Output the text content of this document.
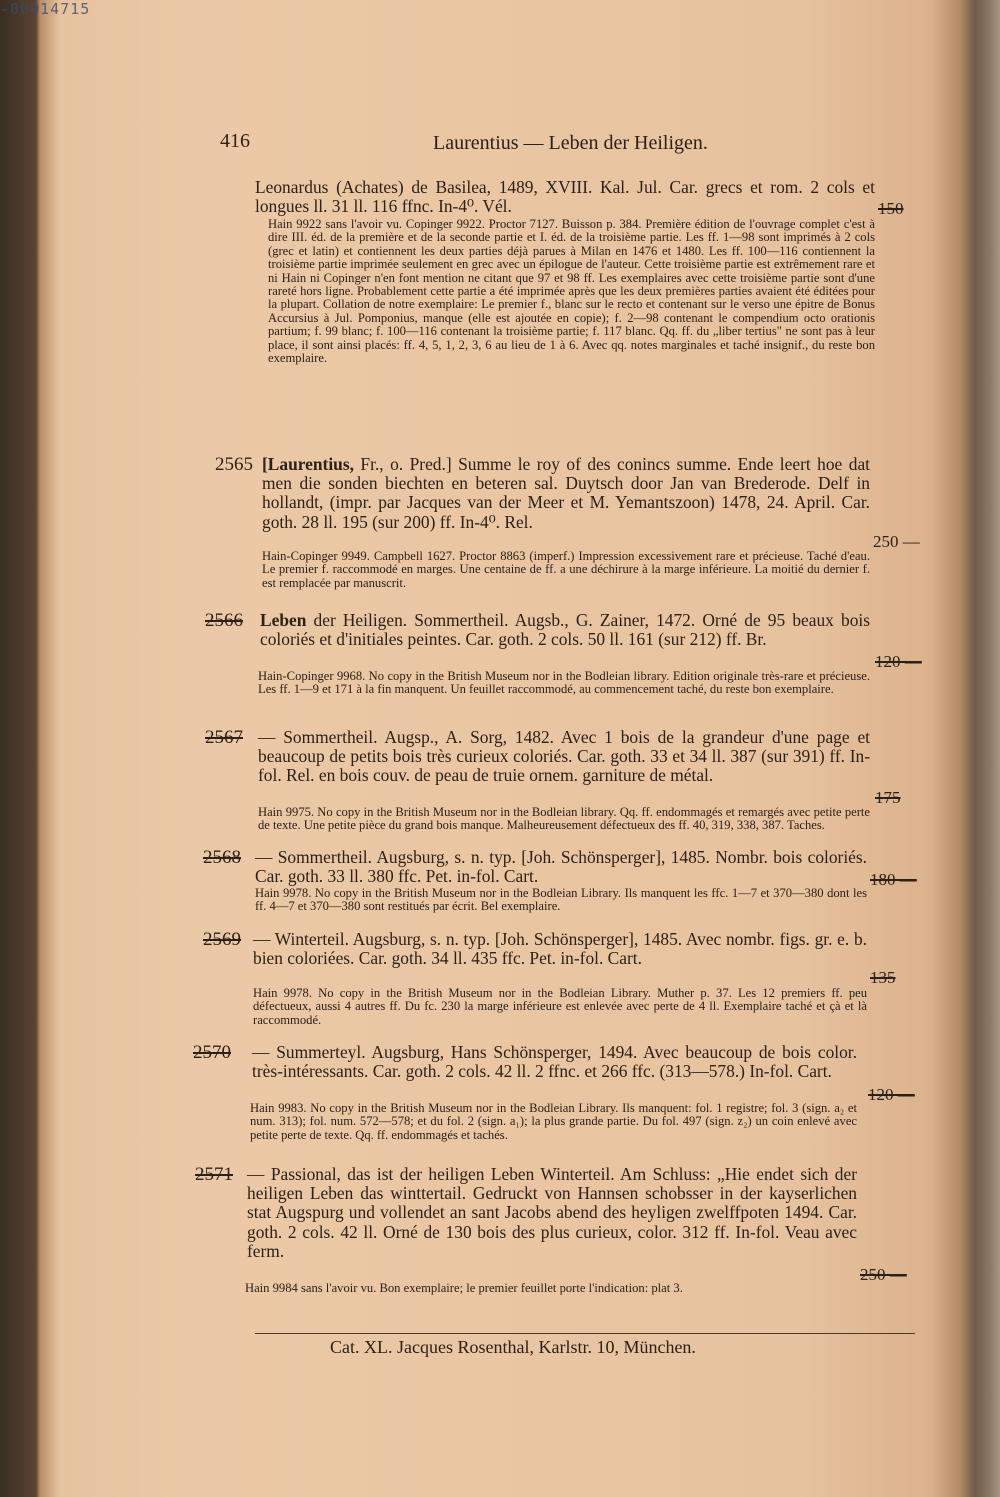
-00014715
416	Laurentius — Leben der Heiligen.
Leonardus (Achates) de Basilea, 1489, XVIII. Kal. Jul. Car. grecs et rom. 2 cols et longues ll. 31 ll. 116 ffnc. In-4⁰. Vél.
Hain 9922 sans l'avoir vu. Copinger 9922. Proctor 7127. Buisson p. 384. Première édition de l'ouvrage complet c'est à dire III. éd. de la première et de la seconde partie et I. éd. de la troisième partie. Les ff. 1—98 sont imprimés à 2 cols (grec et latin) et contiennent les deux parties déjà parues à Milan en 1476 et 1480. Les ff. 100—116 contiennent la troisième partie imprimée seulement en grec avec un épilogue de l'auteur. Cette troisième partie est extrêmement rare et ni Hain ni Copinger n'en font mention ne citant que 97 et 98 ff. Les exemplaires avec cette troisième partie sont d'une rareté hors ligne. Probablement cette partie a été imprimée après que les deux premières parties avaient été éditées pour la plupart. Collation de notre exemplaire: Le premier f., blanc sur le recto et contenant sur le verso une épitre de Bonus Accursius à Jul. Pomponius, manque (elle est ajoutée en copie); f. 2—98 contenant le compendium octo orationis partium; f. 99 blanc; f. 100—116 contenant la troisième partie; f. 117 blanc. Qq. ff. du „liber tertius" ne sont pas à leur place, il sont ainsi placés: ff. 4, 5, 1, 2, 3, 6 au lieu de 1 à 6. Avec qq. notes marginales et taché insignif., du reste bon exemplaire.
150
2565 [Laurentius, Fr., o. Pred.] Summe le roy of des conincs summe. Ende leert hoe dat men die sonden biechten en beteren sal. Duytsch door Jan van Brederode. Delf in hollandt, (impr. par Jacques van der Meer et M. Yemantszoon) 1478, 24. April. Car. goth. 28 ll. 195 (sur 200) ff. In-4⁰. Rel.
Hain-Copinger 9949. Campbell 1627. Proctor 8863 (imperf.) Impression excessivement rare et précieuse. Taché d'eau. Le premier f. raccommodé en marges. Une centaine de ff. a une déchirure à la marge inférieure. La moitié du dernier f. est remplacée par manuscrit.
250 —
2566 Leben der Heiligen. Sommertheil. Augsb., G. Zainer, 1472. Orné de 95 beaux bois coloriés et d'initiales peintes. Car. goth. 2 cols. 50 ll. 161 (sur 212) ff. Br.
Hain-Copinger 9968. No copy in the British Museum nor in the Bodleian library. Edition originale très-rare et précieuse. Les ff. 1—9 et 171 à la fin manquent. Un feuillet raccommodé, au commencement taché, du reste bon exemplaire.
120 —
2567 — Sommertheil. Augsp., A. Sorg, 1482. Avec 1 bois de la grandeur d'une page et beaucoup de petits bois très curieux coloriés. Car. goth. 33 et 34 ll. 387 (sur 391) ff. In-fol. Rel. en bois couv. de peau de truie ornem. garniture de métal.
Hain 9975. No copy in the British Museum nor in the Bodleian library. Qq. ff. endommagés et remargés avec petite perte de texte. Une petite pièce du grand bois manque. Malheureusement défectueux des ff. 40, 319, 338, 387. Taches.
175
2568 — Sommertheil. Augsburg, s. n. typ. [Joh. Schönsperger], 1485. Nombr. bois coloriés. Car. goth. 33 ll. 380 ffc. Pet. in-fol. Cart.
Hain 9978. No copy in the British Museum nor in the Bodleian Library. Ils manquent les ffc. 1—7 et 370—380 dont les ff. 4—7 et 370—380 sont restitués par écrit. Bel exemplaire.
180 —
2569 — Winterteil. Augsburg, s. n. typ. [Joh. Schönsperger], 1485. Avec nombr. figs. gr. e. b. bien coloriées. Car. goth. 34 ll. 435 ffc. Pet. in-fol. Cart.
Hain 9978. No copy in the British Museum nor in the Bodleian Library. Muther p. 37. Les 12 premiers ff. peu défectueux, aussi 4 autres ff. Du fc. 230 la marge inférieure est enlevée avec perte de 4 ll. Exemplaire taché et çà et là raccommodé.
135
2570 — Summerteyl. Augsburg, Hans Schönsperger, 1494. Avec beaucoup de bois color. très-intéressants. Car. goth. 2 cols. 42 ll. 2 ffnc. et 266 ffc. (313—578.) In-fol. Cart.
Hain 9983. No copy in the British Museum nor in the Bodleian Library. Ils manquent: fol. 1 registre; fol. 3 (sign. a₂ et num. 313); fol. num. 572—578; et du fol. 2 (sign. a₁); la plus grande partie. Du fol. 497 (sign. z₂) un coin enlevé avec petite perte de texte. Qq. ff. endommagés et tachés.
120 —
2571 — Passional, das ist der heiligen Leben Winterteil. Am Schluss: „Hie endet sich der heiligen Leben das winttertail. Gedruckt von Hannsen schobsser in der kayserlichen stat Augspurg und vollendet an sant Jacobs abend des heyligen zwelffpoten 1494. Car. goth. 2 cols. 42 ll. Orné de 130 bois des plus curieux, color. 312 ff. In-fol. Veau avec ferm.
Hain 9984 sans l'avoir vu. Bon exemplaire; le premier feuillet porte l'indication: plat 3.
250 —
Cat. XL. Jacques Rosenthal, Karlstr. 10, München.
